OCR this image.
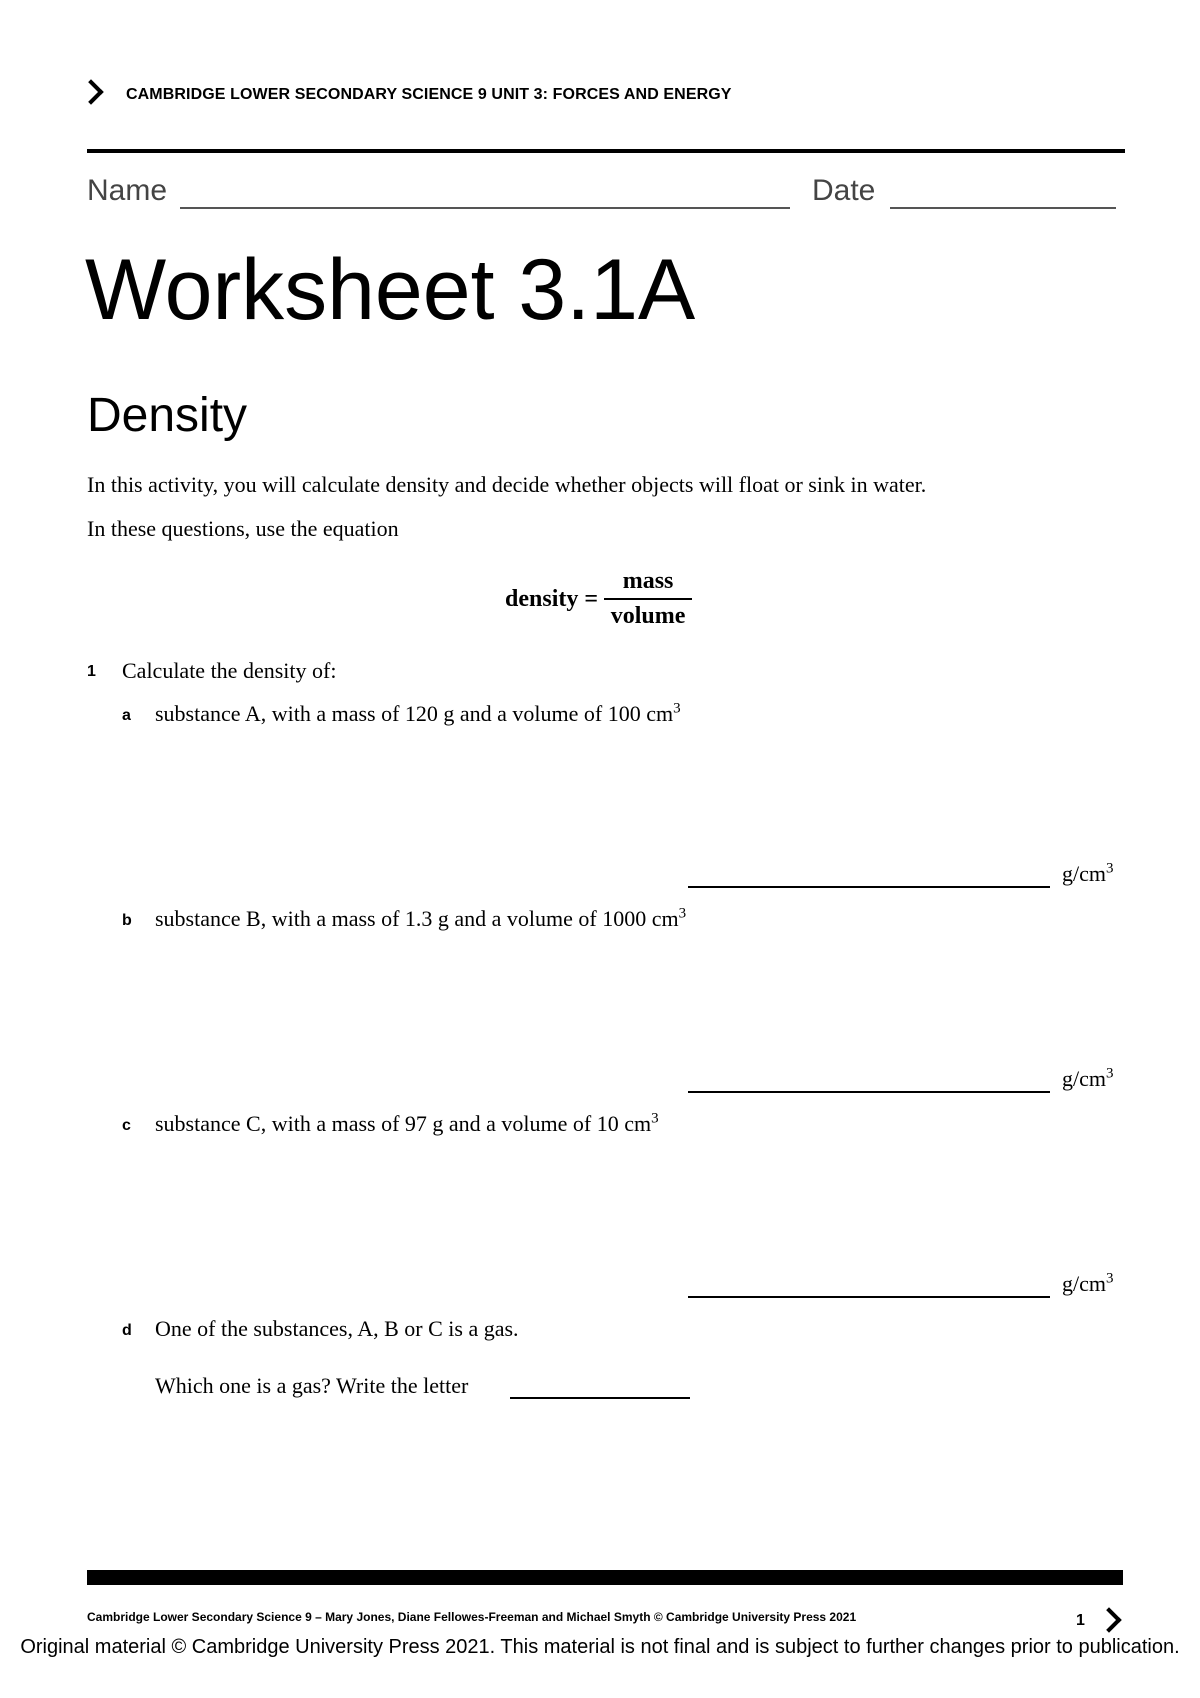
CAMBRIDGE LOWER SECONDARY SCIENCE 9 UNIT 3: FORCES AND ENERGY
Name	Date
Worksheet 3.1A
Density
In this activity, you will calculate density and decide whether objects will float or sink in water.
In these questions, use the equation
density =
mass
volume
1 Calculate the density of:
a substance A, with a mass of 120 g and a volume of 100 $cm^3$
$g/cm^3$
b substance B, with a mass of 1.3 g and a volume of 1000 $cm^3$
$g/cm^3$
c substance C, with a mass of 97 g and a volume of 10 $cm^3$
$g/cm^3$
d One of the substances, A, B or C is a gas.
Which one is a gas? Write the letter
Cambridge Lower Secondary Science 9 – Mary Jones, Diane Fellowes-Freeman and Michael Smyth © Cambridge University Press 2021	1
Original material © Cambridge University Press 2021. This material is not final and is subject to further changes prior to publication.
